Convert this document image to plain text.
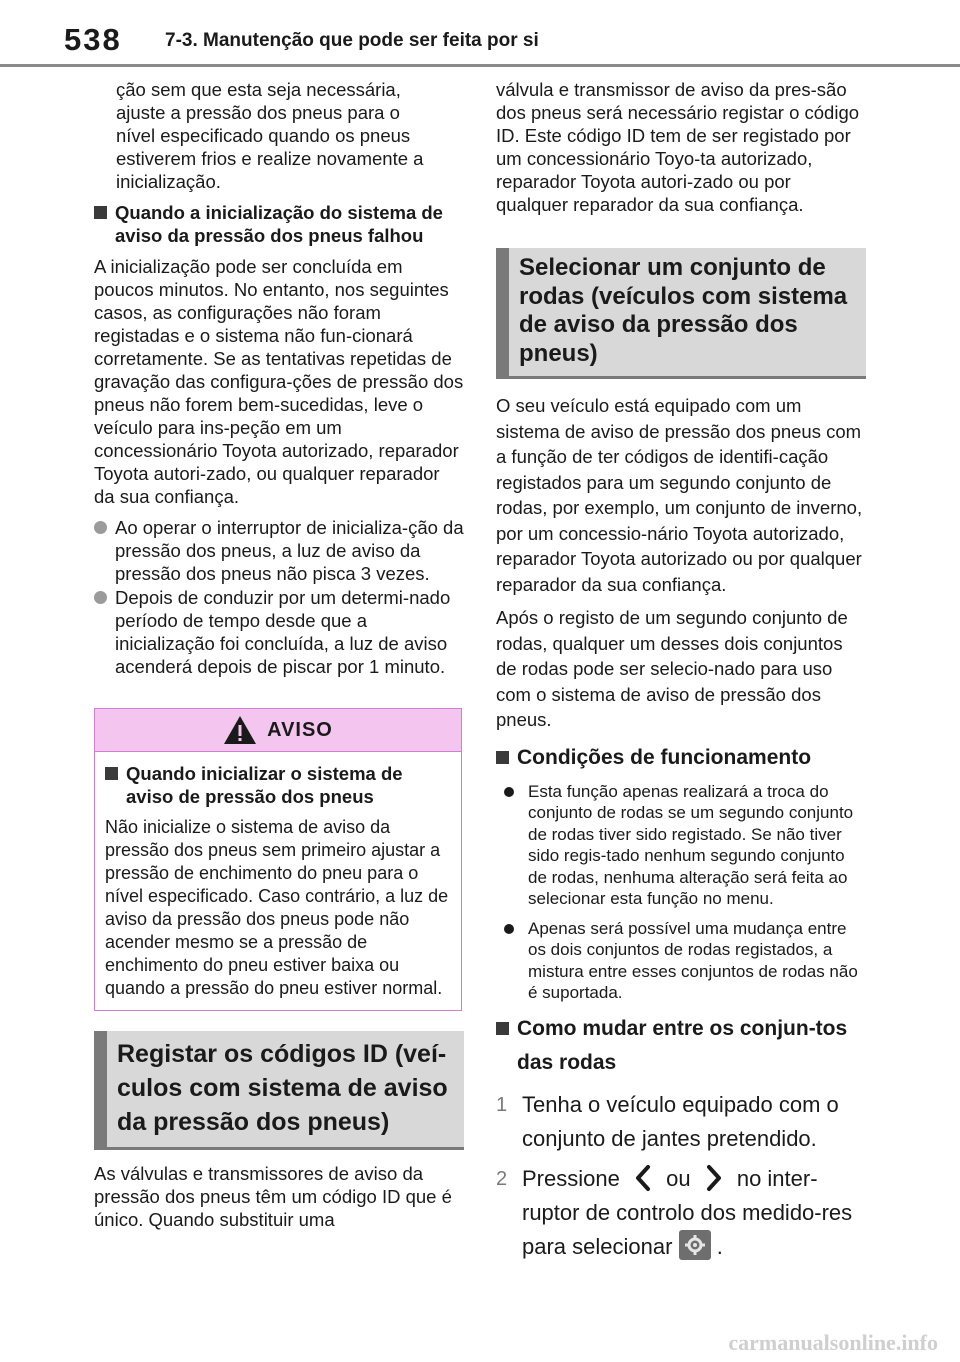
538 7-3. Manutenção que pode ser feita por si
ção sem que esta seja necessária,
ajuste a pressão dos pneus para o
nível especificado quando os pneus
estiverem frios e realize novamente a
inicialização.
Quando a inicialização do sistema de aviso da pressão dos pneus falhou
A inicialização pode ser concluída em poucos minutos. No entanto, nos seguintes casos, as configurações não foram registadas e o sistema não fun-cionará corretamente. Se as tentativas repetidas de gravação das configura-ções de pressão dos pneus não forem bem-sucedidas, leve o veículo para ins-peção em um concessionário Toyota autorizado, reparador Toyota autori-zado, ou qualquer reparador da sua confiança.
Ao operar o interruptor de inicializa-ção da pressão dos pneus, a luz de aviso da pressão dos pneus não pisca 3 vezes.
Depois de conduzir por um determi-nado período de tempo desde que a inicialização foi concluída, a luz de aviso acenderá depois de piscar por 1 minuto.
AVISO
Quando inicializar o sistema de aviso de pressão dos pneus
Não inicialize o sistema de aviso da pressão dos pneus sem primeiro ajustar a pressão de enchimento do pneu para o nível especificado. Caso contrário, a luz de aviso da pressão dos pneus pode não acender mesmo se a pressão de enchimento do pneu estiver baixa ou quando a pressão do pneu estiver normal.
Registar os códigos ID (veí-culos com sistema de aviso da pressão dos pneus)
As válvulas e transmissores de aviso da pressão dos pneus têm um código ID que é único. Quando substituir uma
válvula e transmissor de aviso da pres-são dos pneus será necessário registar o código ID. Este código ID tem de ser registado por um concessionário Toyo-ta autorizado, reparador Toyota autori-zado ou por qualquer reparador da sua confiança.
Selecionar um conjunto de rodas (veículos com sistema de aviso da pressão dos pneus)
O seu veículo está equipado com um sistema de aviso de pressão dos pneus com a função de ter códigos de identifi-cação registados para um segundo conjunto de rodas, por exemplo, um conjunto de inverno, por um concessio-nário Toyota autorizado, reparador Toyota autorizado ou por qualquer reparador da sua confiança.
Após o registo de um segundo conjunto de rodas, qualquer um desses dois conjuntos de rodas pode ser selecio-nado para uso com o sistema de aviso de pressão dos pneus.
Condições de funcionamento
Esta função apenas realizará a troca do conjunto de rodas se um segundo conjunto de rodas tiver sido registado. Se não tiver sido regis-tado nenhum segundo conjunto de rodas, nenhuma alteração será feita ao selecionar esta função no menu.
Apenas será possível uma mudança entre os dois conjuntos de rodas registados, a mistura entre esses conjuntos de rodas não é suportada.
Como mudar entre os conjun-tos das rodas
1 Tenha o veículo equipado com o conjunto de jantes pretendido.
2 Pressione ou no inter-ruptor de controlo dos medido-res para selecionar .
carmanualsonline.info
